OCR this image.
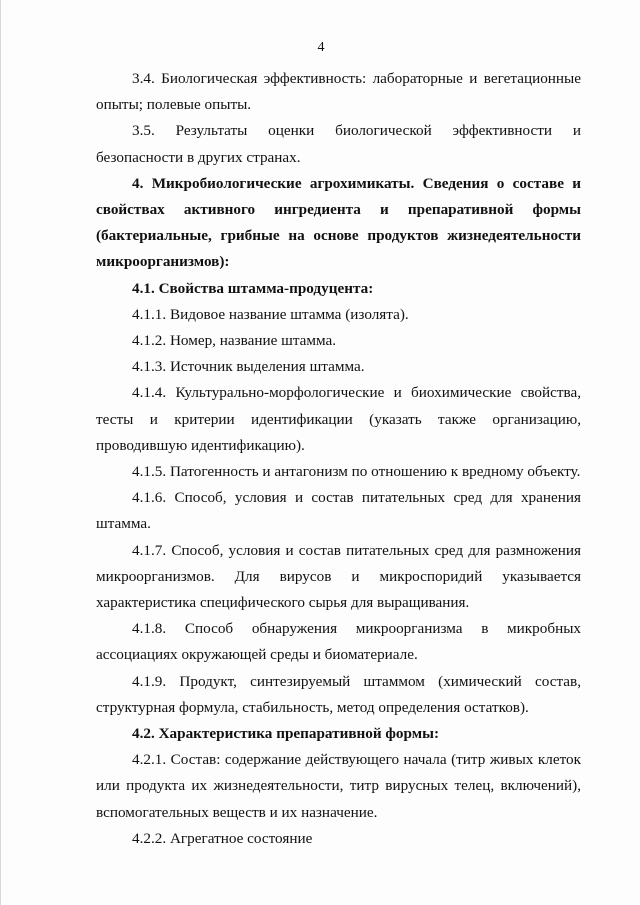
4

3.4. Биологическая эффективность: лабораторные и вегетационные опыты; полевые опыты.

3.5. Результаты оценки биологической эффективности и безопасности в других странах.

4. Микробиологические агрохимикаты. Сведения о составе и свойствах активного ингредиента и препаративной формы (бактериальные, грибные на основе продуктов жизнедеятельности микроорганизмов):

4.1. Свойства штамма-продуцента:

4.1.1. Видовое название штамма (изолята).

4.1.2. Номер, название штамма.

4.1.3. Источник выделения штамма.

4.1.4. Культурально-морфологические и биохимические свойства, тесты и критерии идентификации (указать также организацию, проводившую идентификацию).

4.1.5. Патогенность и антагонизм по отношению к вредному объекту.

4.1.6. Способ, условия и состав питательных сред для хранения штамма.

4.1.7. Способ, условия и состав питательных сред для размножения микроорганизмов. Для вирусов и микроспоридий указывается характеристика специфического сырья для выращивания.

4.1.8. Способ обнаружения микроорганизма в микробных ассоциациях окружающей среды и биоматериале.

4.1.9. Продукт, синтезируемый штаммом (химический состав, структурная формула, стабильность, метод определения остатков).

4.2. Характеристика препаративной формы:

4.2.1. Состав: содержание действующего начала (титр живых клеток или продукта их жизнедеятельности, титр вирусных телец, включений), вспомогательных веществ и их назначение.

4.2.2. Агрегатное состояние
